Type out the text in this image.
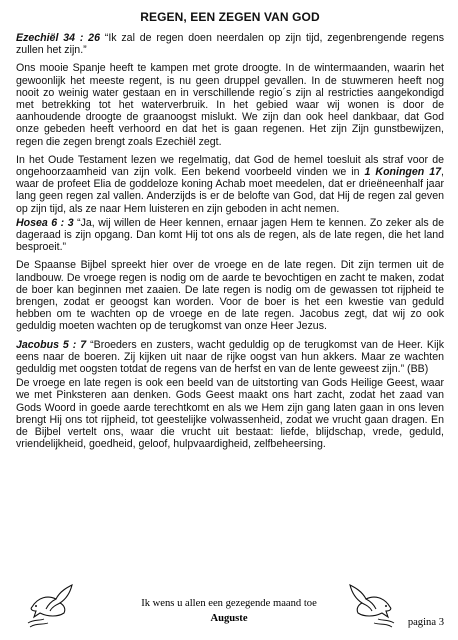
REGEN, EEN ZEGEN VAN GOD

Ezechiël 34 : 26 “Ik zal de regen doen neerdalen op zijn tijd, zegenbrengende regens zullen het zijn.”

Ons mooie Spanje heeft te kampen met grote droogte. In de wintermaanden, waarin het gewoonlijk het meeste regent, is nu geen druppel gevallen. In de stuwmeren heeft nog nooit zo weinig water gestaan en in verschillende regio´s zijn al restricties aangekondigd met betrekking tot het waterverbruik. In het gebied waar wij wonen is door de aanhoudende droogte de graanoogst mislukt. We zijn dan ook heel dankbaar, dat God onze gebeden heeft verhoord en dat het is gaan regenen. Het zijn Zijn gunstbewijzen, regen die zegen brengt zoals Ezechiël zegt.

In het Oude Testament lezen we regelmatig, dat God de hemel toesluit als straf voor de ongehoorzaamheid van zijn volk. Een bekend voorbeeld vinden we in 1 Koningen 17, waar de profeet Elia de goddeloze koning Achab moet meedelen, dat er drieëneenhalf jaar lang geen regen zal vallen. Anderzijds is er de belofte van God, dat Hij de regen zal geven op zijn tijd, als ze naar Hem luisteren en zijn geboden in acht nemen.

Hosea 6 : 3 “Ja, wij willen de Heer kennen, ernaar jagen Hem te kennen. Zo zeker als de dageraad is zijn opgang. Dan komt Hij tot ons als de regen, als de late regen, die het land besproeit.”

De Spaanse Bijbel spreekt hier over de vroege en de late regen. Dit zijn termen uit de landbouw. De vroege regen is nodig om de aarde te bevochtigen en zacht te maken, zodat de boer kan beginnen met zaaien. De late regen is nodig om de gewassen tot rijpheid te brengen, zodat er geoogst kan worden. Voor de boer is het een kwestie van geduld hebben om te wachten op de vroege en de late regen. Jacobus zegt, dat wij zo ook geduldig moeten wachten op de terugkomst van onze Heer Jezus.

Jacobus 5 : 7 “Broeders en zusters, wacht geduldig op de terugkomst van de Heer. Kijk eens naar de boeren. Zij kijken uit naar de rijke oogst van hun akkers. Maar ze wachten geduldig met oogsten totdat de regens van de herfst en van de lente geweest zijn.” (BB)

De vroege en late regen is ook een beeld van de uitstorting van Gods Heilige Geest, waar we met Pinksteren aan denken. Gods Geest maakt ons hart zacht, zodat het zaad van Gods Woord in goede aarde terechtkomt en als we Hem zijn gang laten gaan in ons leven brengt Hij ons tot rijpheid, tot geestelijke volwassenheid, zodat we vrucht gaan dragen. En de Bijbel vertelt ons, waar die vrucht uit bestaat: liefde, blijdschap, vrede, geduld, vriendelijkheid, goedheid, geloof, hulpvaardigheid, zelfbeheersing.

Ik wens u allen een gezegende maand toe
Auguste	pagina 3
